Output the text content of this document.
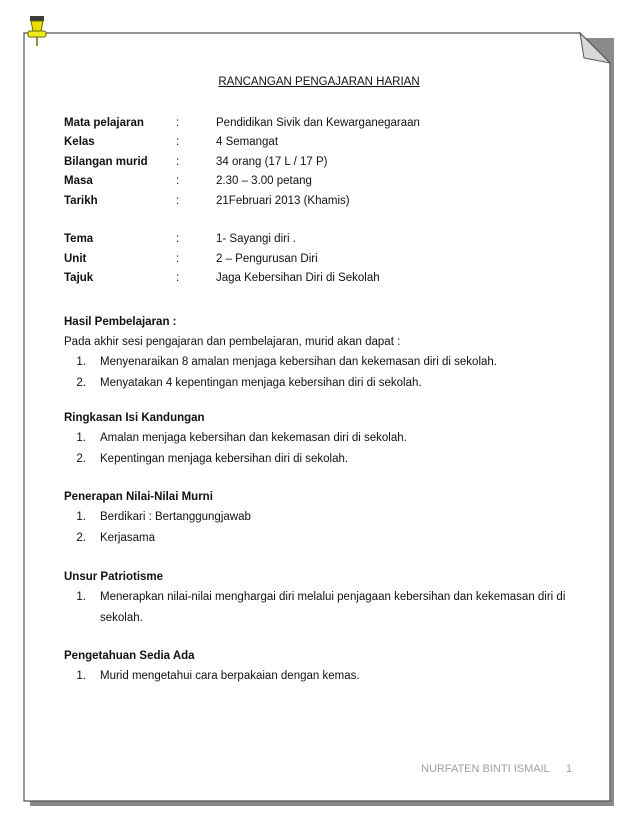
RANCANGAN PENGAJARAN HARIAN
Mata pelajaran	:	Pendidikan Sivik dan Kewarganegaraan
Kelas	:	4 Semangat
Bilangan murid	:	34 orang (17 L / 17 P)
Masa	:	2.30 – 3.00 petang
Tarikh	:	21Februari 2013 (Khamis)
Tema	:	1- Sayangi diri .
Unit	:	2 – Pengurusan Diri
Tajuk	:	Jaga Kebersihan Diri di Sekolah
Hasil Pembelajaran :

Pada akhir sesi pengajaran dan pembelajaran, murid akan dapat :

1. Menyenaraikan 8 amalan menjaga kebersihan dan kekemasan diri di sekolah.
2. Menyatakan 4 kepentingan menjaga kebersihan diri di sekolah.
Ringkasan Isi Kandungan
1. Amalan menjaga kebersihan dan kekemasan diri di sekolah.
2. Kepentingan menjaga kebersihan diri di sekolah.
Penerapan Nilai-Nilai Murni
1. Berdikari : Bertanggungjawab
2. Kerjasama
Unsur Patriotisme
1. Menerapkan nilai-nilai menghargai diri melalui penjagaan kebersihan dan kekemasan diri di sekolah.
Pengetahuan Sedia Ada
1. Murid mengetahui cara berpakaian dengan kemas.
NURFATEN BINTI ISMAIL 1
